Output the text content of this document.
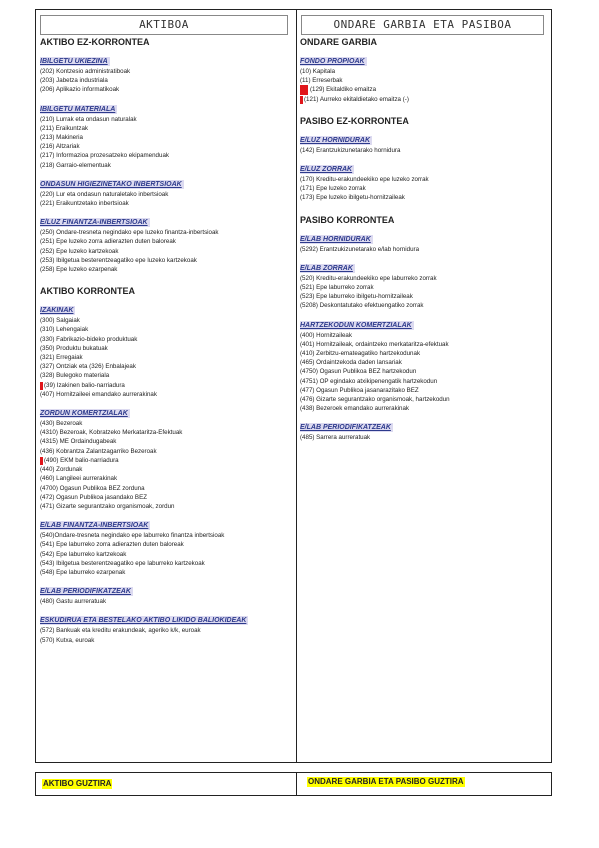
AKTIBOA
AKTIBO EZ-KORRONTEA
IBILGETU UKIEZINA
(202) Kontzesio administratiboak
(203) Jabetza industriala
(206) Aplikazio informatikoak
IBILGETU MATERIALA
(210) Lurrak eta ondasun naturalak
(211) Eraikuntzak
(213) Makineria
(216) Altzariak
(217) Informazioa prozesatzeko ekipamenduak
(218) Garraio-elementuak
ONDASUN HIGIEZINETAKO INBERTSIOAK
(220) Lur eta ondasun naturaletako inbertsioak
(221) Eraikuntzetako inbertsioak
E/LUZ FINANTZA-INBERTSIOAK
(250) Ondare-tresneta negindako epe luzeko finantza-inbertsioak
(251) Epe luzeko zorra adierazten duten baloreak
(252) Epe luzeko kartzekoak
(253) Ibilgetua besterentzeagatiko epe luzeko kartzekoak
(258) Epe luzeko ezarpenak
AKTIBO KORRONTEA
IZAKINAK
(300) Salgaiak
(310) Lehengaiak
(330) Fabrikazio-bideko produktuak
(350) Produktu bukatuak
(321) Erregaiak
(327) Ontziak eta (326) Enbalajeak
(328) Bulegoko materiala
(39) Izakinen balio-narriadura
(407) Hornitzaileei emandako aurrerakinak
ZORDUN KOMERTZIALAK
(430) Bezeroak
(4310) Bezeroak, Kobratzeko Merkataritza-Efektuak
(4315) ME Ordaindugabeak
(436) Kobrantza Zalantzagarriko Bezeroak
(490) EKM balio-narriadura
(440) Zordunak
(460) Langileei aurrerakinak
(4700) Ogasun Publikoa BEZ zorduna
(472) Ogasun Publikoa jasandako BEZ
(471) Gizarte segurantzako organismoak, zordun
E/LAB FINANTZA-INBERTSIOAK
(540)Ondare-tresneta negindako epe laburreko finantza inbertsioak
(541) Epe laburreko zorra adierazten duten baloreak
(542) Epe laburreko kartzekoak
(543) Ibilgetua besterentzeagatiko epe laburreko kartzekoak
(548) Epe laburreko ezarpenak
E/LAB PERIODIFIKATZEAK
(480) Gastu aurreratuak
ESKUDIRUA ETA BESTELAKO AKTIBO LIKIDO BALIOKIDEAK
(572) Bankuak eta kreditu erakundeak, ageriko k/k, euroak
(570) Kutxa, euroak
ONDARE GARBIA ETA PASIBOA
ONDARE GARBIA
FONDO PROPIOAK
(10) Kapitala
(11) Erreserbak
(129) Ekitaldiko emaitza
(121) Aurreko ekitaldietako emaitza (-)
PASIBO EZ-KORRONTEA
E/LUZ HORNIDURAK
(142) Erantzukizunetarako hornidura
E/LUZ ZORRAK
(170) Kreditu-erakundeekiko epe luzeko zorrak
(171) Epe luzeko zorrak
(173) Epe luzeko ibilgetu-hornitzaileak
PASIBO KORRONTEA
E/LAB HORNIDURAK
(5292) Erantzukizunetarako e/lab hornidura
E/LAB ZORRAK
(520) Kreditu-erakundeekiko epe laburreko zorrak
(521) Epe laburreko zorrak
(523) Epe laburreko ibilgetu-hornitzaileak
(5208) Deskontatutako efektuengatiko zorrak
HARTZEKODUN KOMERTZIALAK
(400) Hornitzaileak
(401) Hornitzaileak, ordaintzeko merkataritza-efektuak
(410) Zerbitzu-emateagatiko hartzekodunak
(465) Ordaintzekoda daden lansariak
(4750) Ogasun Publikoa BEZ hartzekodun
(4751) OP egindako atxikipenengatik hartzekodun
(477) Ogasun Publikoa jasanarazitako BEZ
(476) Gizarte segurantzako organismoak, hartzekodun
(438) Bezeroek emandako aurrerakinak
E/LAB PERIODIFIKATZEAK
(485) Sarrera aurreratuak
AKTIBO GUZTIRA	ONDARE GARBIA ETA PASIBO GUZTIRA
